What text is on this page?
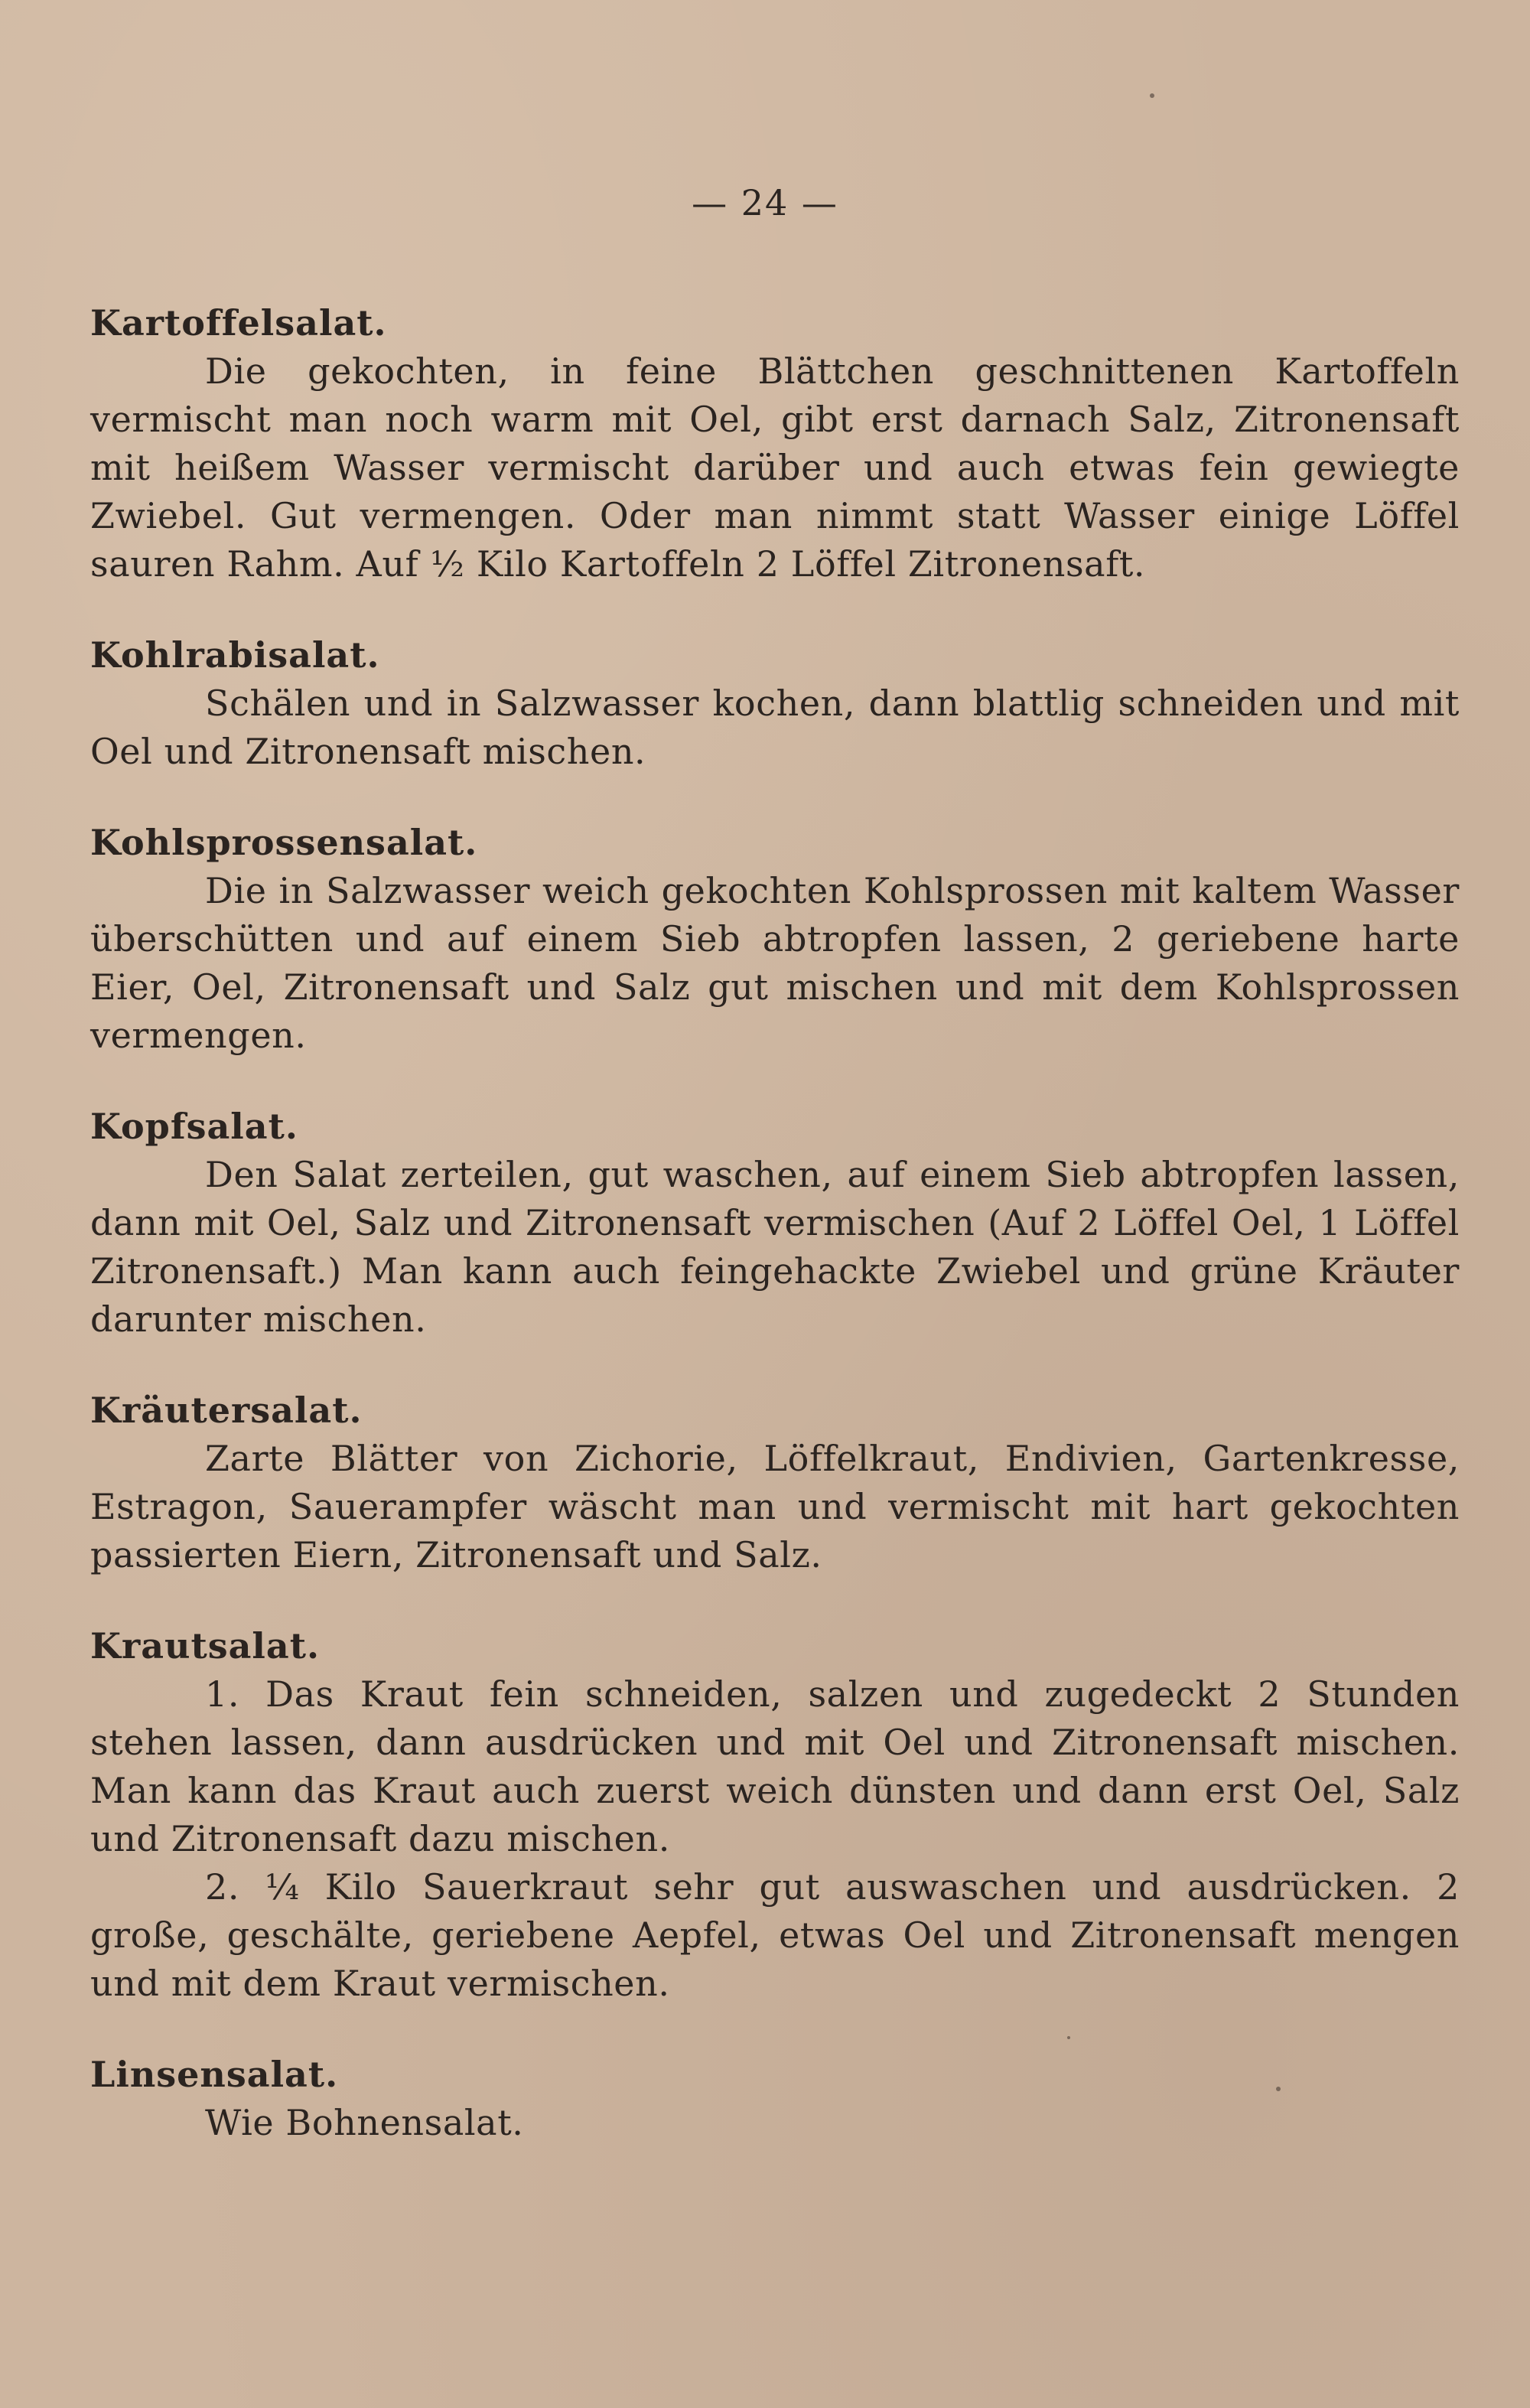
— 24 —
Kartoffelsalat.

Die gekochten, in feine Blättchen geschnittenen Kartoffeln vermischt man noch warm mit Oel, gibt erst darnach Salz, Zitronensaft mit heißem Wasser vermischt darüber und auch etwas fein gewiegte Zwiebel. Gut vermengen. Oder man nimmt statt Wasser einige Löffel sauren Rahm. Auf ½ Kilo Kartoffeln 2 Löffel Zitronensaft.

Kohlrabisalat.

Schälen und in Salzwasser kochen, dann blattlig schneiden und mit Oel und Zitronensaft mischen.

Kohlsprossensalat.

Die in Salzwasser weich gekochten Kohlsprossen mit kaltem Wasser überschütten und auf einem Sieb abtropfen lassen, 2 geriebene harte Eier, Oel, Zitronensaft und Salz gut mischen und mit dem Kohlsprossen vermengen.

Kopfsalat.

Den Salat zerteilen, gut waschen, auf einem Sieb abtropfen lassen, dann mit Oel, Salz und Zitronensaft vermischen (Auf 2 Löffel Oel, 1 Löffel Zitronensaft.) Man kann auch feingehackte Zwiebel und grüne Kräuter darunter mischen.

Kräutersalat.

Zarte Blätter von Zichorie, Löffelkraut, Endivien, Gartenkresse, Estragon, Sauerampfer wäscht man und vermischt mit hart gekochten passierten Eiern, Zitronensaft und Salz.

Krautsalat.

1. Das Kraut fein schneiden, salzen und zugedeckt 2 Stunden stehen lassen, dann ausdrücken und mit Oel und Zitronensaft mischen. Man kann das Kraut auch zuerst weich dünsten und dann erst Oel, Salz und Zitronensaft dazu mischen.

2. ¼ Kilo Sauerkraut sehr gut auswaschen und ausdrücken. 2 große, geschälte, geriebene Aepfel, etwas Oel und Zitronensaft mengen und mit dem Kraut vermischen.

Linsensalat.

Wie Bohnensalat.
